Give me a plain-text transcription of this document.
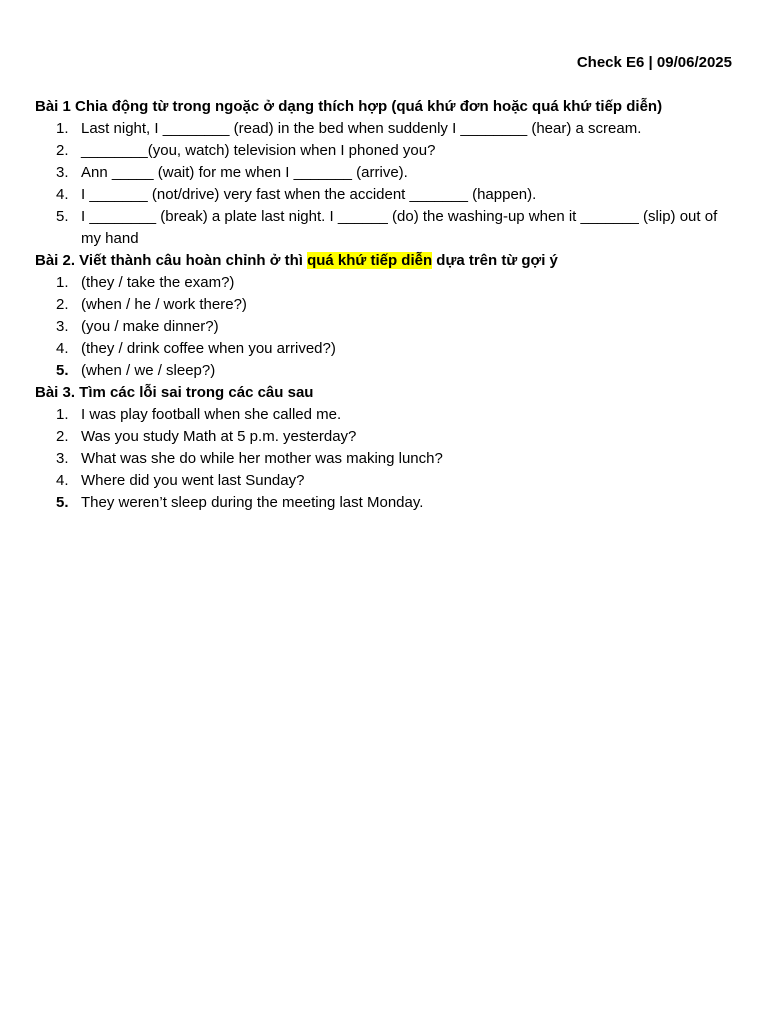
Check E6 | 09/06/2025
Bài 1 Chia động từ trong ngoặc ở dạng thích hợp (quá khứ đơn hoặc quá khứ tiếp diễn)
1. Last night, I ________ (read) in the bed when suddenly I ________ (hear) a scream.
2. ________(you, watch) television when I phoned you?
3. Ann _____ (wait) for me when I _______ (arrive).
4. I _______ (not/drive) very fast when the accident _______ (happen).
5. I ________ (break) a plate last night. I ______ (do) the washing-up when it _______ (slip) out of my hand
Bài 2. Viết thành câu hoàn chỉnh ở thì quá khứ tiếp diễn dựa trên từ gợi ý
1. (they / take the exam?)
2. (when / he / work there?)
3. (you / make dinner?)
4. (they / drink coffee when you arrived?)
5. (when / we / sleep?)
Bài 3. Tìm các lỗi sai trong các câu sau
1. I was play football when she called me.
2. Was you study Math at 5 p.m. yesterday?
3. What was she do while her mother was making lunch?
4. Where did you went last Sunday?
5. They weren’t sleep during the meeting last Monday.
